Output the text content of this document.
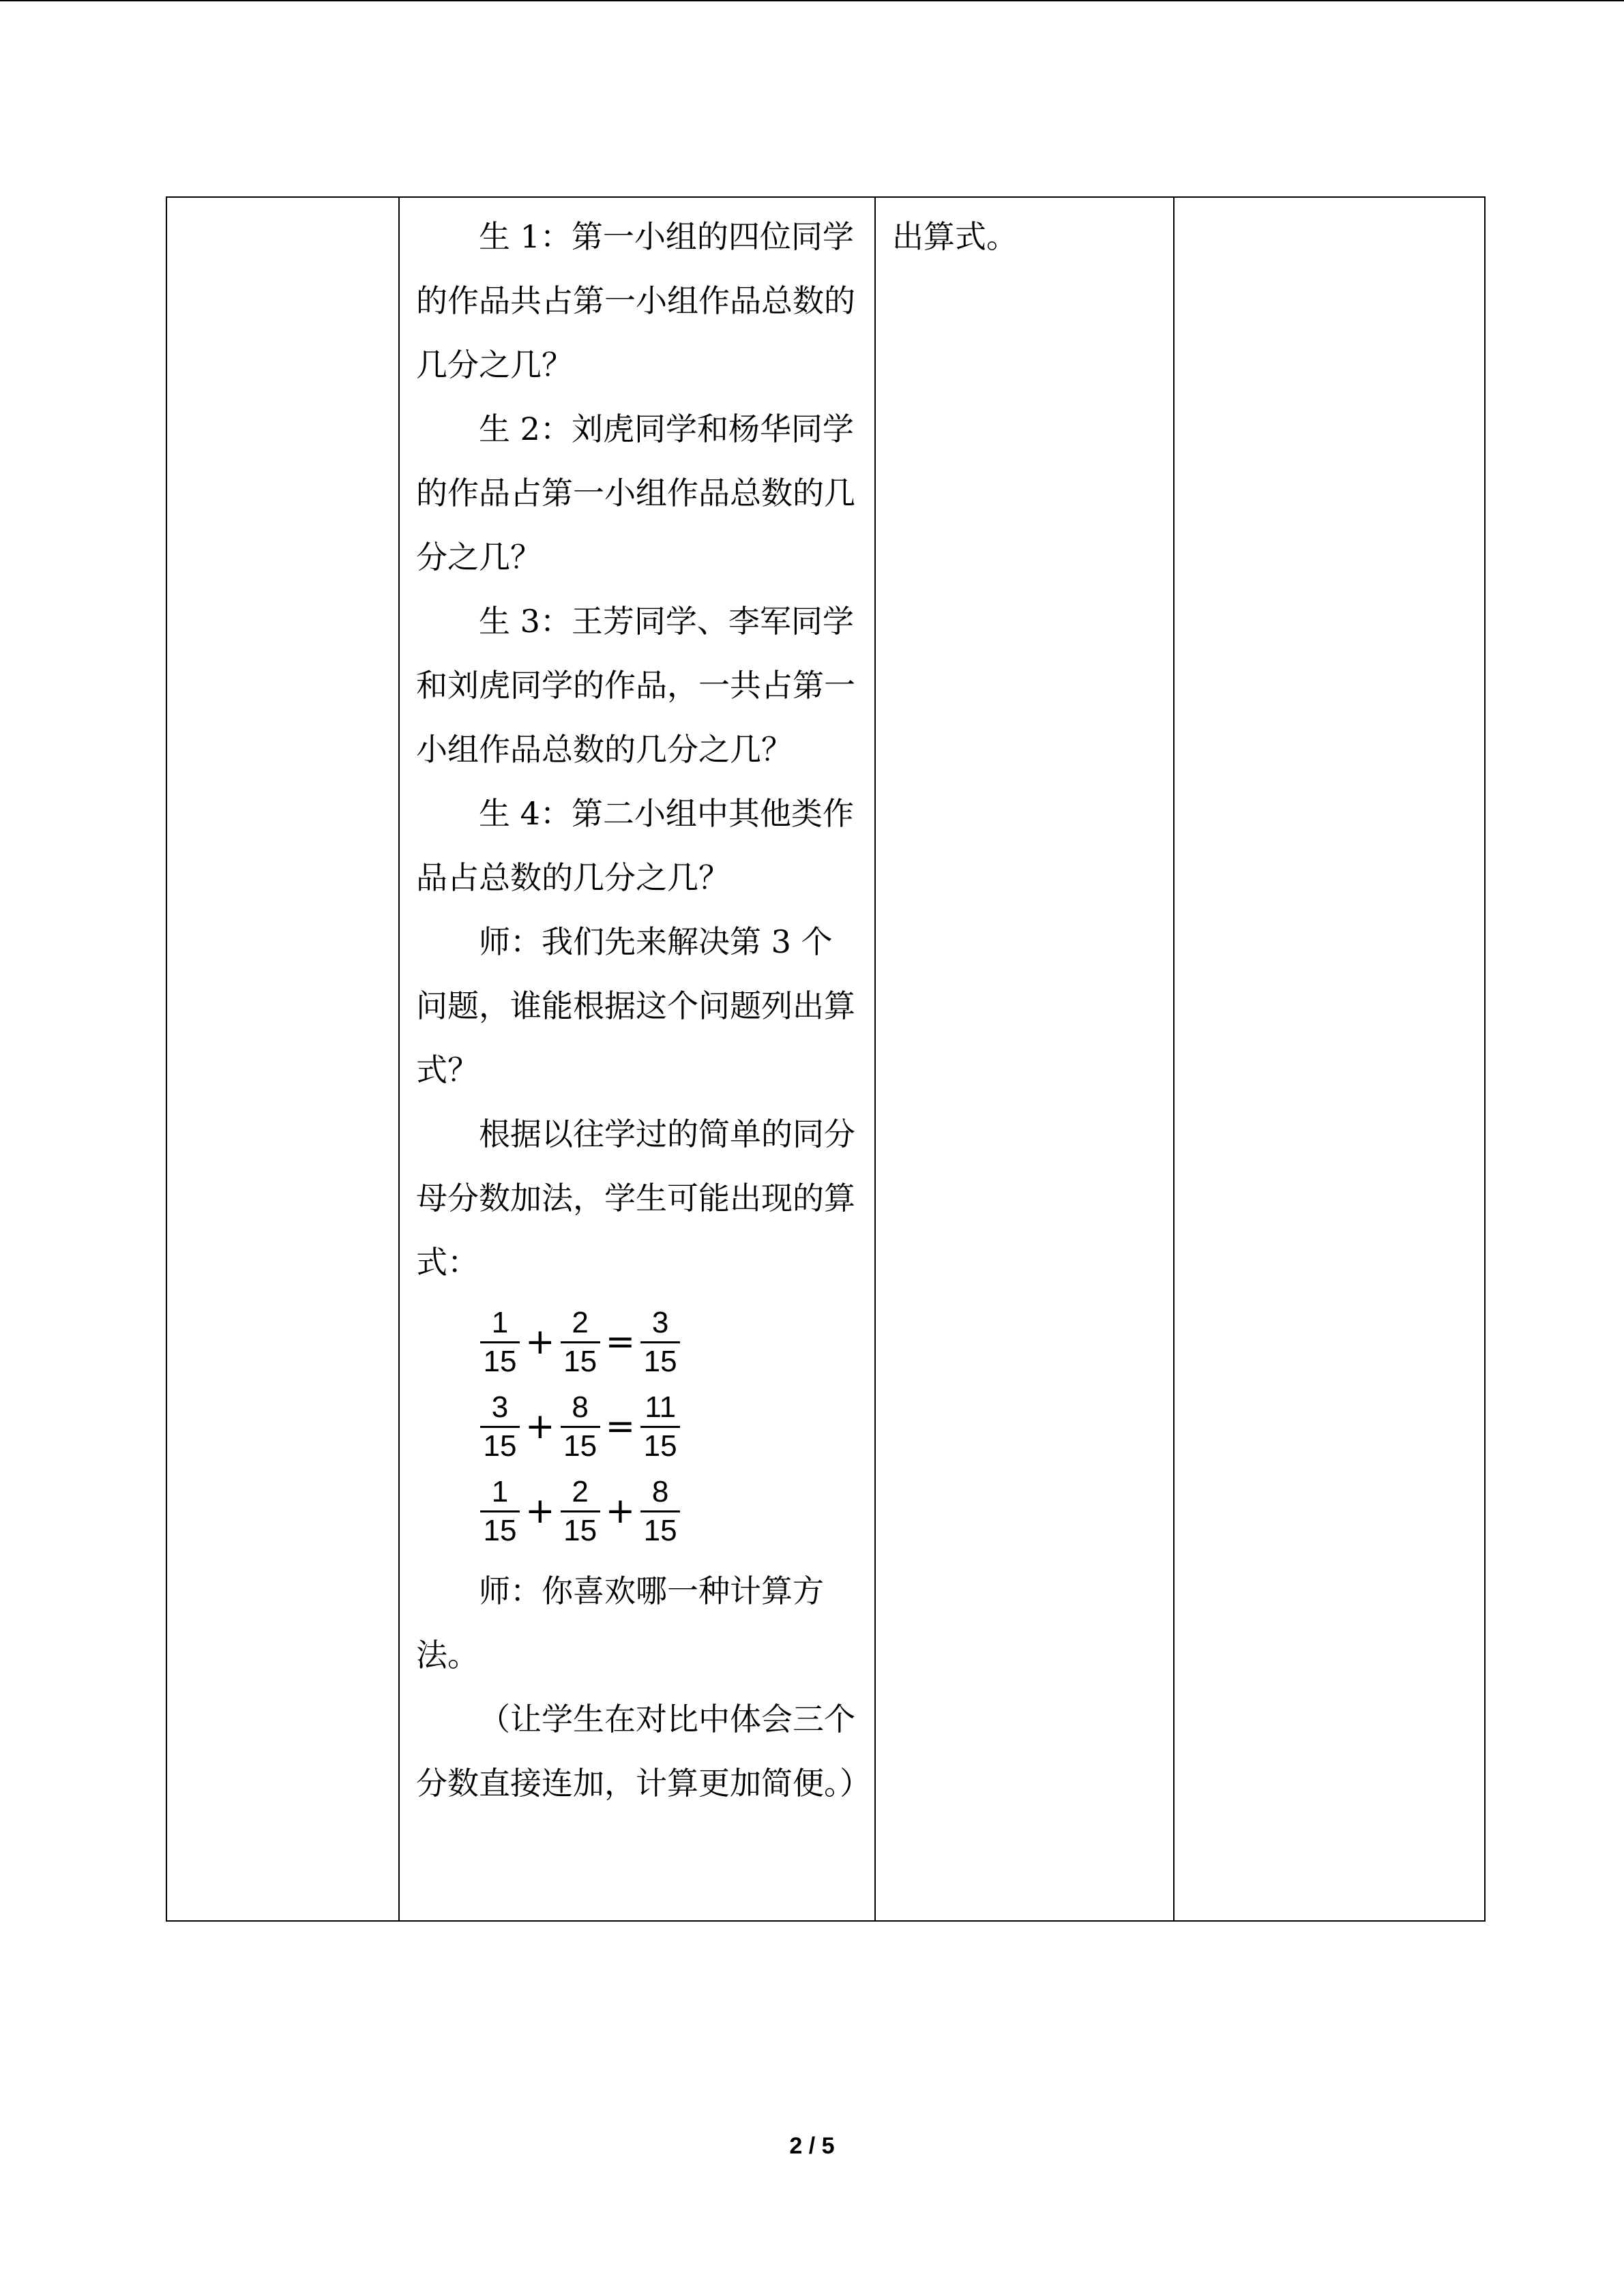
生 1：第一小组的四位同学的作品共占第一小组作品总数的几分之几？

生 2：刘虎同学和杨华同学的作品占第一小组作品总数的几分之几？

生 3：王芳同学、李军同学和刘虎同学的作品，一共占第一小组作品总数的几分之几？

生 4：第二小组中其他类作品占总数的几分之几？

师：我们先来解决第 3 个问题，谁能根据这个问题列出算式？

根据以往学过的简单的同分母分数加法，学生可能出现的算式：

$\frac{1}{15} + \frac{2}{15} = \frac{3}{15}$
$\frac{3}{15} + \frac{8}{15} = \frac{11}{15}$
$\frac{1}{15} + \frac{2}{15} + \frac{8}{15}$

师：你喜欢哪一种计算方法。

（让学生在对比中体会三个分数直接连加，计算更加简便。）

出算式。

2 / 5
